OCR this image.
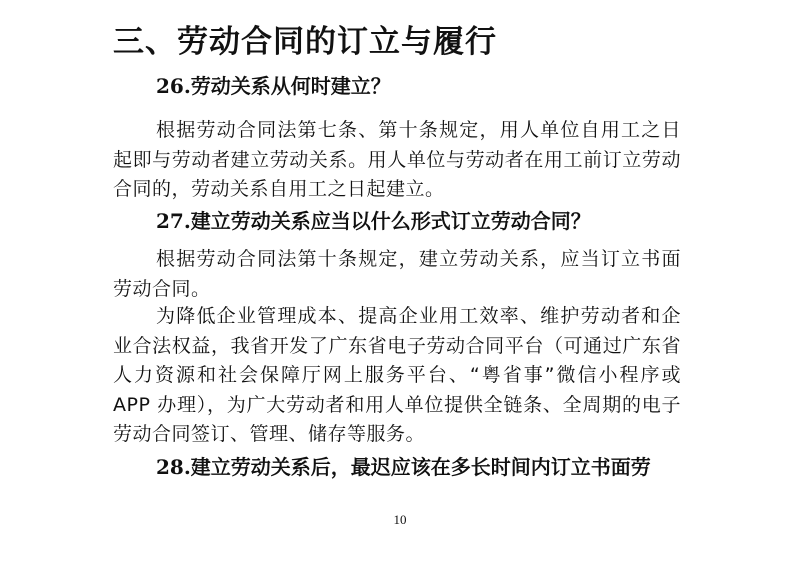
三、劳动合同的订立与履行
26.劳动关系从何时建立？

根据劳动合同法第七条、第十条规定，用人单位自用工之日起即与劳动者建立劳动关系。用人单位与劳动者在用工前订立劳动合同的，劳动关系自用工之日起建立。

27.建立劳动关系应当以什么形式订立劳动合同？

根据劳动合同法第十条规定，建立劳动关系，应当订立书面劳动合同。

为降低企业管理成本、提高企业用工效率、维护劳动者和企业合法权益，我省开发了广东省电子劳动合同平台（可通过广东省人力资源和社会保障厅网上服务平台、“粤省事”微信小程序或 APP 办理），为广大劳动者和用人单位提供全链条、全周期的电子劳动合同签订、管理、储存等服务。

28.建立劳动关系后，最迟应该在多长时间内订立书面劳
10
